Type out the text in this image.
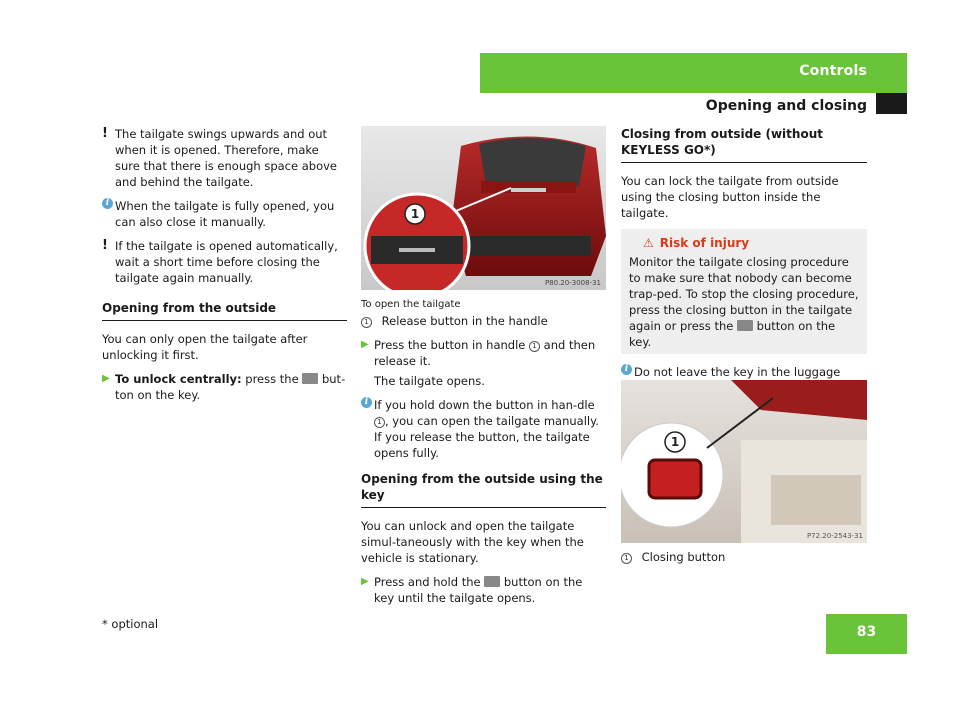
Controls
Opening and closing
! The tailgate swings upwards and out when it is opened. Therefore, make sure that there is enough space above and behind the tailgate.
i When the tailgate is fully opened, you can also close it manually.
! If the tailgate is opened automatically, wait a short time before closing the tailgate again manually.
Opening from the outside
You can only open the tailgate after unlocking it first.
▶ To unlock centrally: press the  but-ton on the key.
1
P80.20-3008-31
To open the tailgate
1 Release button in the handle
▶ Press the button in handle 1 and then release it.
The tailgate opens.
i If you hold down the button in han-dle 1 , you can open the tailgate manually. If you release the button, the tailgate opens fully.
Opening from the outside using the key
You can unlock and open the tailgate simul-taneously with the key when the vehicle is stationary.
▶ Press and hold the  button on the key until the tailgate opens.
Closing from outside (without KEYLESS GO*)
You can lock the tailgate from outside using the closing button inside the tailgate.
⚠ Risk of injury
Monitor the tailgate closing procedure to make sure that nobody can become trap-ped. To stop the closing procedure, press the closing button in the tailgate again or press the  button on the key.
i Do not leave the key in the luggage
1
P72.20-2543-31
1 Closing button
* optional	83
